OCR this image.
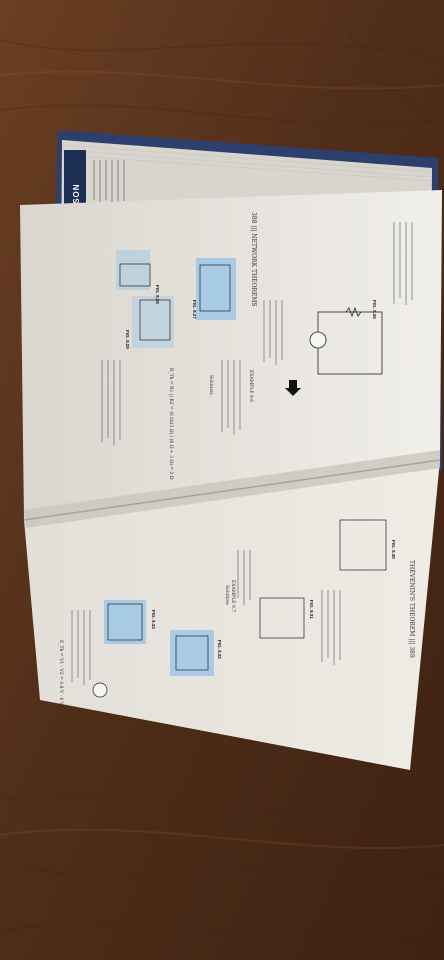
388 ||| NETWORK THEOREMS
FIG. 9.26
FIG. 9.27
FIG. 9.28
FIG. 9.29
EXAMPLE 9.6
Solution:
R_Th = R1 || R2 = (6 Ω)(3 Ω) / (6 Ω + 3 Ω) = 2 Ω
THÉVENIN'S THEOREM ||| 389
FIG. 9.30
FIG. 9.31
FIG. 9.32
FIG. 9.33
EXAMPLE 9.7
Solution:
E_Th = V1 - V2 = 4.8 V - 6 V = -1.2 V
